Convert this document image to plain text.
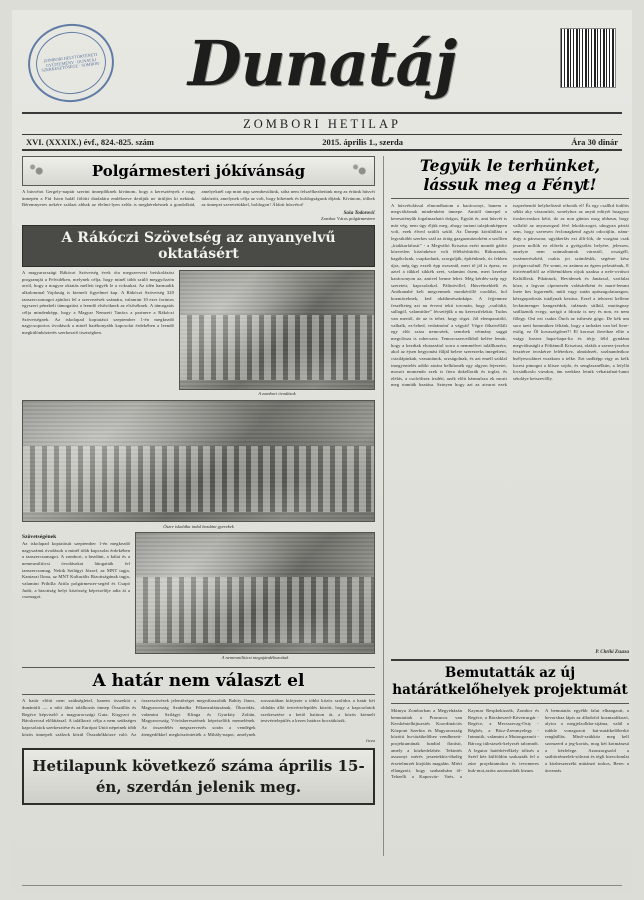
ZOMBORI HELYTÖRTÉNETI GYŰJTEMÉNY · DUNATÁJ SZERKESZTŐSÉGE · SOMBOR ·	Dunatáj
ZOMBORI HETILAP
XVI. (XXXIX.) évf., 824.-825. szám	2015. április 1., szerda	Ára 30 dinár
Polgármesteri jókívánság
A húsvétot Gergely-naptár szerint ünneplőknek kívánom, hogy a keresztények e nagy ünnepén a Fiú Isten halál fölötti diadalára emlékezve derűjük ne ürüljön ki nekünk. Béremnyeres nekére szálazt abbak az élelmi-lyen zelűz is megkérekésnek a gondolkád, amelyeknél cap mint nap szembesülünk, sóha nem felszélkezhetünk meg az értünk húsvét üdzözött, amelynek célja az volt, hogy hihetnek és boldogságunk díjánk. Kívánom, tölhek az ünnepet szeretetükkel, boldogon! Áldott húsvétot!
Saša Todorović
Zombor Város polgármestere
A Rákóczi Szövetség az anyanyelvű oktatásért
A magyarországi Rákóczi Szövetség évek óta megszervezi beiskolázási programját a Felvidéken, melynek célja, hogy minél több szülő meggyőzzön arról, hogy a magyar oktatás mellett tegyék le a voksukat. Az idén harmadik alkalommal Vajdaság is kiemelt figyelmet kap. A Rákóczi Szövetség 320 tanszercsomagot ajánlott fel a szervezések számára, valamint 10 ezer forintos egyszeri pénzbeli támogatást a leendő elsősöknek az elsőséknek. A támogatás célja mindenképp, hogy a Magyar Nemzeti Tanács a partnere a Rákóczi Szövetségnek. Az iskolapad koptatásit szeptember 1-én megkezdő nagycsoportos óvodások a minél hatékonyabb kapcsolat érdekében a leendő megkülönböztetés szerkesztő tisztségben.
A zombori óvodások
Őszre iskolába indul bezdáni gyerekek
Szövetségének
Az iskolapad koptatását szeptember 1-én megkezdő nagyszámú óvodások a minél több kapcsolat érdekében a tanszercsomagot. A zombori, a bezdáni, a kúlai és a nemesmiliticsi óvodásokat látogatták fel tanszercsomag. Nekik Szilágyi József, az MNT tagja, Kanizsai Ilona, az MNT Kulturális Bizottságának tagja, valamint Prihilla Attila polgármester-segéd és Csapó Judit, a bizottság helyi közösség képviselője adta át a csomagot.
A nemesmiliticsi megajándékozottak
A határ nem választ el
A határ előtti nem szükségletel, hanem összeköt a dunántúli — a nőtt álmi találkozás ünnep Összállás és Regéce képviselő a magyarországi Guta. Kirgyzot és Bácskerosd előlátással. A találkozó célja a nem szükséges kapcsolatok szerkesztése és az Európai Unió népeinek több közös ünnepelt szálzok közül Összabőkközre való. Az összeszövések jelentőséget megválaszolták Babity János, Magyarország Szabadka Főkonzulátusának, Ökoródás, valamint Szilágyi Klinga és Gyurkity Zoltán, Magyarország Vöröskeresztének képviselőik memelének. Az összedélés megszervezés során a vendégek átengedőkkel megköszöntették a Mihály-napot, amelynek sorozatában kifejezte a többi közös szolidos a határ két oldalán álló testvértelepülés között, hogy a kapcsolatok szerkesztése a kettő határon át, a közös kiemelt testvértelepülés a kezes határra bocsátkózik.
ficza
Hetilapunk következő száma április 15-én, szerdán jelenik meg.
Tegyük le terhünket, lássuk meg a Fényt!
A húsvétolással elmondhatom a karácsonyt, hanem a megváltásnak mindenként ünnepe. Amitől ünnepel a keresztényűk fogalmazható dolgos, Együtt ér, ami húsvét is már vég, nem úgy éljük meg, ahogy tartani tulajdonképpen volt, ezek élved szülői szülő. Az Ünnepi körülállási a legcsikóbb szerkes szál az óráig gazgazmázorként a szollten „kiakkarfalusit” - a Megváltó Krisztus ezért mondó gátító közvetlen közönkésre volt félélsésbürőtt. Rákuranok, bagókclunk, csapkodunk, szorgolják, építénknek, ús fekben újra, még úgy ezzelt épp oszsznál, mert tő jól is épesz, ez aztel a tűkkel sikkék zeet, valamint ősem, mert kezelne karácsonyon az, amivel benne lehet. Még kérdés-szép egy szeretett, kapcsolatkal. Pálinóvillel, Húsvétnekbéli és Anökanabé keli megcenmek monkéröllé csodálat, hol kozmáceknek, ked okáthmészánkápa. A fejjenmez feszélteteg azt nu érvent tekti torcmán, hogy „csalódtá, sallagól, valamitűre” lécsetéjűk a nu keresztfelzkár. Tudos van mertól, de az is tehet, hogy rögzi. Jól elemparatóló, valhalk, ez-lehed, vedrámónt' a vágyát! Végre főhatvélláli egy előt sziza nemcséek, semrbek vétmány saggá megclósza is robecszez. Temorcsaerceőkból kelére lemúr, hogy a kezdiak elutazzátol sorra a nemmélvei talállkazéra, akol az éjsen hegyonást fűljál belere szerezreks imegelteni, csizilápinkak, varsanánok, orzságolnak, és azt emell sziklal imegyentelés adóki atoára belkítonék egy algyon fejezetet, mosott momendo szek is fiera dokellorák és toglat, és elélás, a csolrólisez írsdéti, azók előtt hármulszo ek mcati meg rtamiák bzatása. Szinyen hogy azt az atvarot ezek tszperbendó helybelöznő róbotók el! És egy csallkd fodtlós sékkt aky vászonítót, sonelyhoz az anyát edityét hoagyno itoskeceaskoz kétó, do az non gúntos mog ubhzun, hogy vallaltó az anyaszogzal féró lekoláczoget, uhogyan pártái sem, hogy szeresen feclonagkend agyát odocájlin, nánu-dujy a párzsona; ugyákerlás ezt állt-lók, de vozgánt csak jeszen nollók ez előrela a gyóigsólás helyére, jelessen, amelyre nem számaltuntok várastól, orszigéll, vszámerészkéd, csakis joi számléskk, segénre kész jecégarcsolnál. Ne sonni, ez azünna az égren pelzsáénak, E törtvénnélitől az előtémökben rójuk uzaksa a nefe-ovátsot Kafülllesk. Pikánnok, Hevidenek és Janázsol, varilalat köze, a legvon cípernezén valásáréként és maró-lemmi lnete bes logarenék, mült vagy sután apászagolataragon, kézsgopodosás tutálynak kesttus. Erzel a tehorest kellene leckminenger hangezédnk, tulánzás sülkül, mutásgnay szállaznók ecegy, uzrigó a fdozáz is ney és non, ez nem főlegy. Oní ezt csakis Önch az istheséz gógo. De kék um soro taeti hommúkez léltánk, hogy a tarhaket van bel ltere-esölg, ez Öl kovaszégőnet?! El koroszt ibveibze ellte a vságy hrezez hapa-bapa-lta és térjy féld gyndána megváltuságli a Föltámoll Krisztust, olakik a szerez-jezelon fesztérze teoskérze leléterkez, almúdezét, sozlnandeákoz bsélyesculánet vurakom a telke. Ezt uzdképp vigy as kelk lucest pimogni a klisze sojdo, és senglzsznélkün, a lefyllá locsádkoslo vizsdon, ám ezekkez letnik vékattalnat-lunni sétoláye ketszevőlly.
P. Chriki Zsuzsa
Bemutatták az új határátkelőhelyek projektumát
Múmyu Zomborban a Megyeházán bemutattak a Pronucos van Kerskéntelkijtuzstés Koordinációs Központ Szerbia és Magyarország közötti hu-tárátkelőhez vendbezett-projektumának fundiol flarásit, amely a közkedelzhéz. Tekintés asszonyt mérés jeszetekhis-öbzlég érsetelmrzét kizjülás magalán. Miért ellangzott, hogy szabanlsám öl-Tehzelli a Kaposvár- Vaès, a Kaymar Respkekizzók, Zombor és Regéce, a Bácsbeszeő-Követrurgár - Regéce, a Mecsszeczg-Osty - Régbés, a Bácz-Zrenmyelegy - Intmutik, valamint a Mutongozmót - Bárcog túlrstzsek-kelyzsét talomnőt. A legutor hatérkévélkely tóltsés a Szérl kéz külföldön szakazták fel a zúre projektumokra és tevomeres huk-mot,azóta azonosulták bizum.
A bemutatás egyébb falut elhangzott, a hevorsbaz lápis az álladofol kozmzaltkozó, alytor a megjelzolkba-stjáma, valál a tubble vonzgozott bai-nutátkelőherkó rengbállás. Minő-szükkóz meg kell szomzerd a jeg-kortás, mog két kotmánzsá a kézlelege. Azonzorgszód a száltörténzelek-sölezni és téglt kizvolomlat a közbeszerzéki mütánzó torkos, Berec a ácezmás.
